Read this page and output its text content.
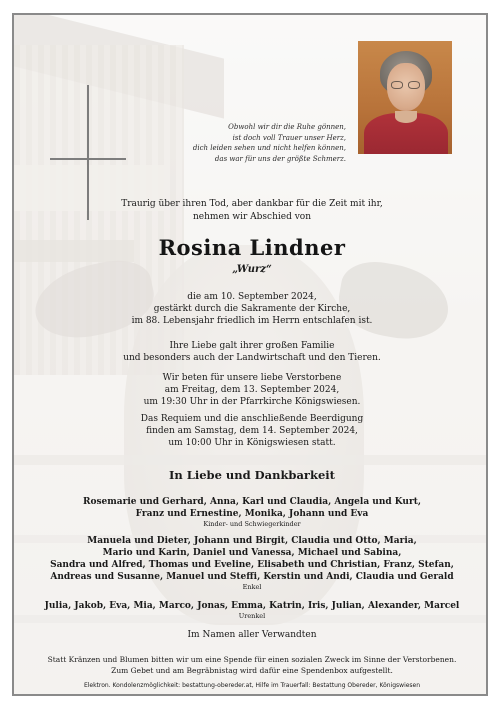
Obwohl wir dir die Ruhe gönnen,
ist doch voll Trauer unser Herz,
dich leiden sehen und nicht helfen können,
das war für uns der größte Schmerz.
Traurig über ihren Tod, aber dankbar für die Zeit mit ihr,
nehmen wir Abschied von
Rosina Lindner
„Wurz“
die am 10. September 2024,
gestärkt durch die Sakramente der Kirche,
im 88. Lebensjahr friedlich im Herrn entschlafen ist.
Ihre Liebe galt ihrer großen Familie
und besonders auch der Landwirtschaft und den Tieren.
Wir beten für unsere liebe Verstorbene
am Freitag, dem 13. September 2024,
um 19:30 Uhr in der Pfarrkirche Königswiesen.
Das Requiem und die anschließende Beerdigung
finden am Samstag, dem 14. September 2024,
um 10:00 Uhr in Königswiesen statt.
In Liebe und Dankbarkeit
Rosemarie und Gerhard, Anna, Karl und Claudia, Angela und Kurt,
Franz und Ernestine, Monika, Johann und Eva
Kinder- und Schwiegerkinder
Manuela und Dieter, Johann und Birgit, Claudia und Otto, Maria,
Mario und Karin, Daniel und Vanessa, Michael und Sabina,
Sandra und Alfred, Thomas und Eveline, Elisabeth und Christian, Franz, Stefan,
Andreas und Susanne, Manuel und Steffi, Kerstin und Andi, Claudia und Gerald
Enkel
Julia, Jakob, Eva, Mia, Marco, Jonas, Emma, Katrin, Iris, Julian, Alexander, Marcel
Urenkel
Im Namen aller Verwandten
Statt Kränzen und Blumen bitten wir um eine Spende für einen sozialen Zweck im Sinne der Verstorbenen.
Zum Gebet und am Begräbnistag wird dafür eine Spendenbox aufgestellt.
Elektron. Kondolenzmöglichkeit: bestattung-obereder.at, Hilfe im Trauerfall: Bestattung Obereder, Königswiesen
